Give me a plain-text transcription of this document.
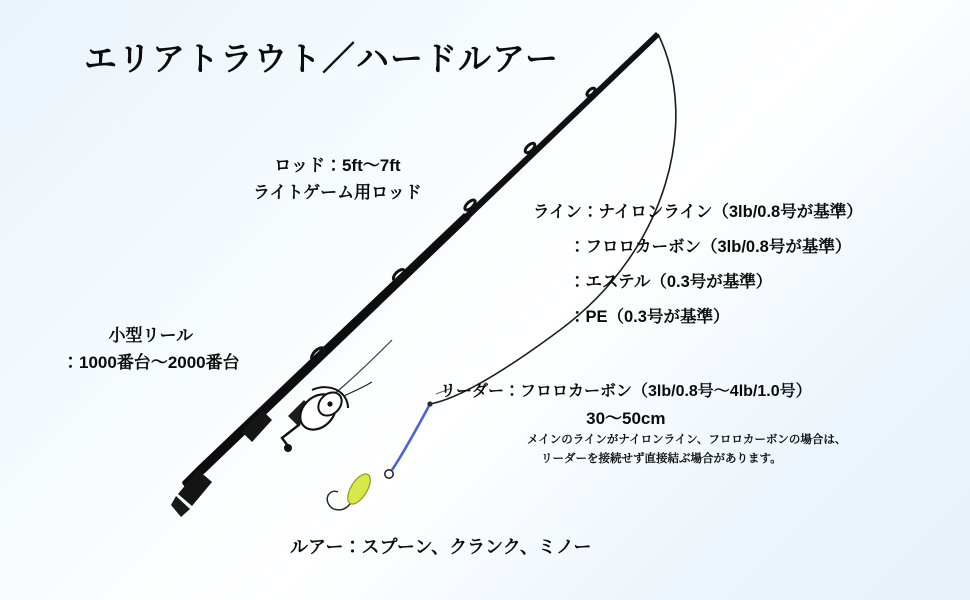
エリアトラウト／ハードルアー
ロッド：5ft〜7ft
ライトゲーム用ロッド
小型リール
：1000番台〜2000番台
ライン：ナイロンライン（3lb/0.8号が基準）
：フロロカーボン（3lb/0.8号が基準）
：エステル（0.3号が基準）
：PE（0.3号が基準）
リーダー：フロロカーボン（3lb/0.8号〜4lb/1.0号）
30〜50cm
メインのラインがナイロンライン、フロロカーボンの場合は、
リーダーを接続せず直接結ぶ場合があります。
ルアー：スプーン、クランク、ミノー
